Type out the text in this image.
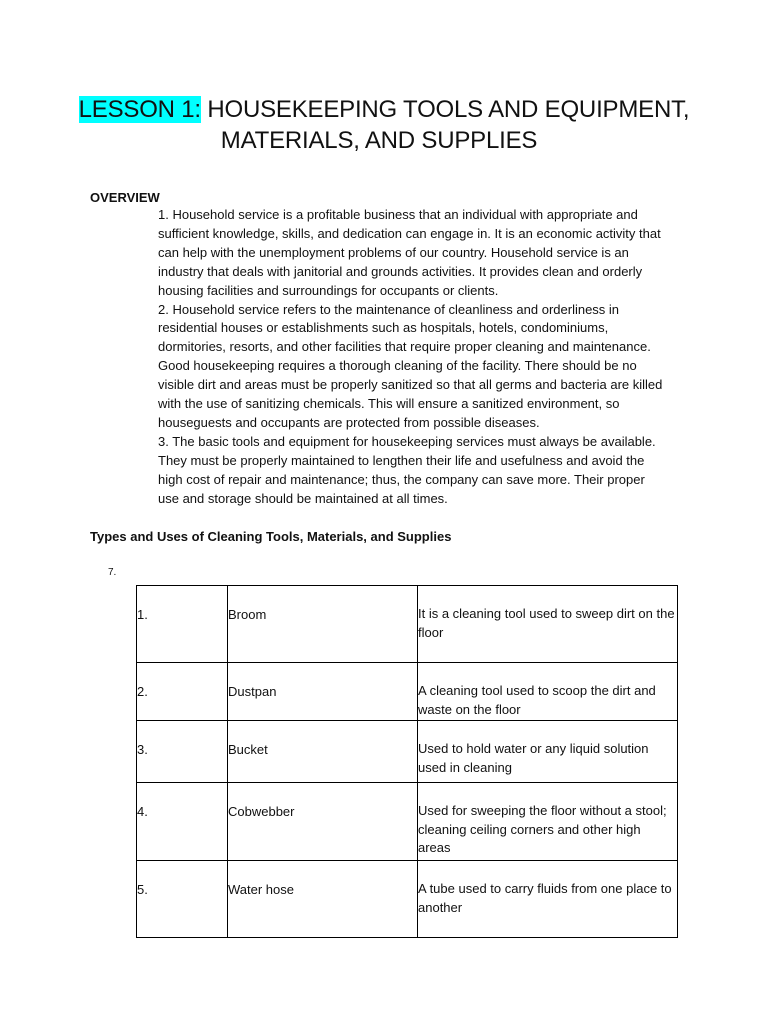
LESSON 1: HOUSEKEEPING TOOLS AND EQUIPMENT,
MATERIALS, AND SUPPLIES
OVERVIEW

1. Household service is a profitable business that an individual with appropriate and sufficient knowledge, skills, and dedication can engage in. It is an economic activity that can help with the unemployment problems of our country. Household service is an industry that deals with janitorial and grounds activities. It provides clean and orderly housing facilities and surroundings for occupants or clients.

2. Household service refers to the maintenance of cleanliness and orderliness in residential houses or establishments such as hospitals, hotels, condominiums, dormitories, resorts, and other facilities that require proper cleaning and maintenance. Good housekeeping requires a thorough cleaning of the facility. There should be no visible dirt and areas must be properly sanitized so that all germs and bacteria are killed with the use of sanitizing chemicals. This will ensure a sanitized environment, so houseguests and occupants are protected from possible diseases.

3. The basic tools and equipment for housekeeping services must always be available. They must be properly maintained to lengthen their life and usefulness and avoid the high cost of repair and maintenance; thus, the company can save more. Their proper use and storage should be maintained at all times.

Types and Uses of Cleaning Tools, Materials, and Supplies
7.
1.	Broom	It is a cleaning tool used to sweep dirt on the floor
2.	Dustpan	A cleaning tool used to scoop the dirt and waste on the floor
3.	Bucket	Used to hold water or any liquid solution used in cleaning
4.	Cobwebber	Used for sweeping the floor without a stool; cleaning ceiling corners and other high areas
5.	Water hose	A tube used to carry fluids from one place to another
